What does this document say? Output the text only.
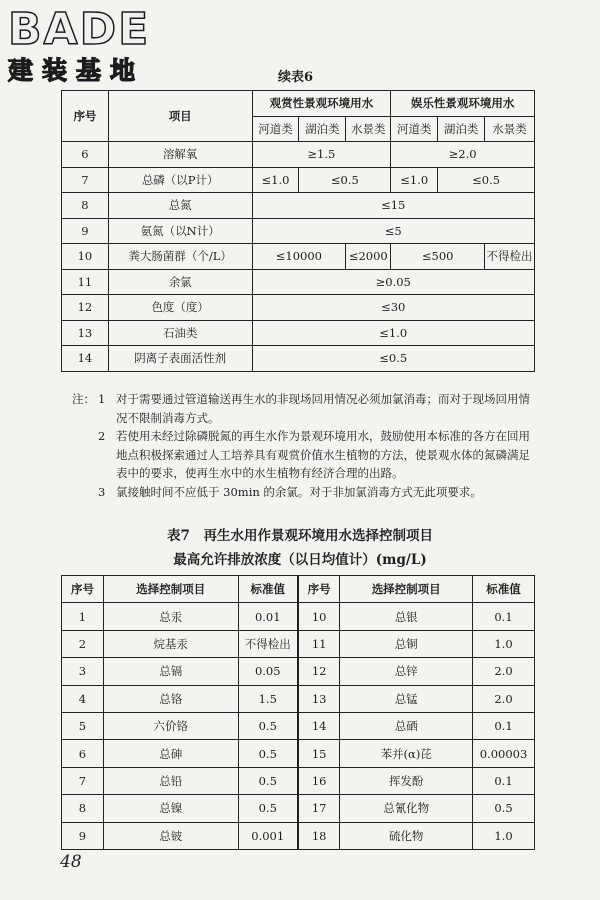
BADE
建装基地	续表6
序号	项目	观赏性景观环境用水			娱乐性景观环境用水		
		河道类	湖泊类	水景类	河道类	湖泊类	水景类
6	溶解氧	≥1.5			≥2.0		
7	总磷（以P计）	≤1.0	≤0.5		≤1.0	≤0.5	
8	总氮	≤15					
9	氨氮（以N计）	≤5					
10	粪大肠菌群（个/L）	≤10000		≤2000	≤500		不得检出
11	余氯	≥0.05					
12	色度（度）	≤30					
13	石油类	≤1.0					
14	阴离子表面活性剂	≤0.5					
注： 1 对于需要通过管道输送再生水的非现场回用情况必须加氯消毒；而对于现场回用情况不限制消毒方式。
2 若使用未经过除磷脱氮的再生水作为景观环境用水，鼓励使用本标准的各方在回用地点积极探索通过人工培养具有观赏价值水生植物的方法，使景观水体的氮磷满足表中的要求，使再生水中的水生植物有经济合理的出路。
3 氯接触时间不应低于 30min 的余氯。对于非加氯消毒方式无此项要求。
表7　再生水用作景观环境用水选择控制项目
最高允许排放浓度（以日均值计）(mg/L)
序号	选择控制项目	标准值	序号	选择控制项目	标准值
1	总汞	0.01	10	总银	0.1
2	烷基汞	不得检出	11	总铜	1.0
3	总镉	0.05	12	总锌	2.0
4	总铬	1.5	13	总锰	2.0
5	六价铬	0.5	14	总硒	0.1
6	总砷	0.5	15	苯并(α)芘	0.00003
7	总铅	0.5	16	挥发酚	0.1
8	总镍	0.5	17	总氰化物	0.5
9	总铍	0.001	18	硫化物	1.0
48
